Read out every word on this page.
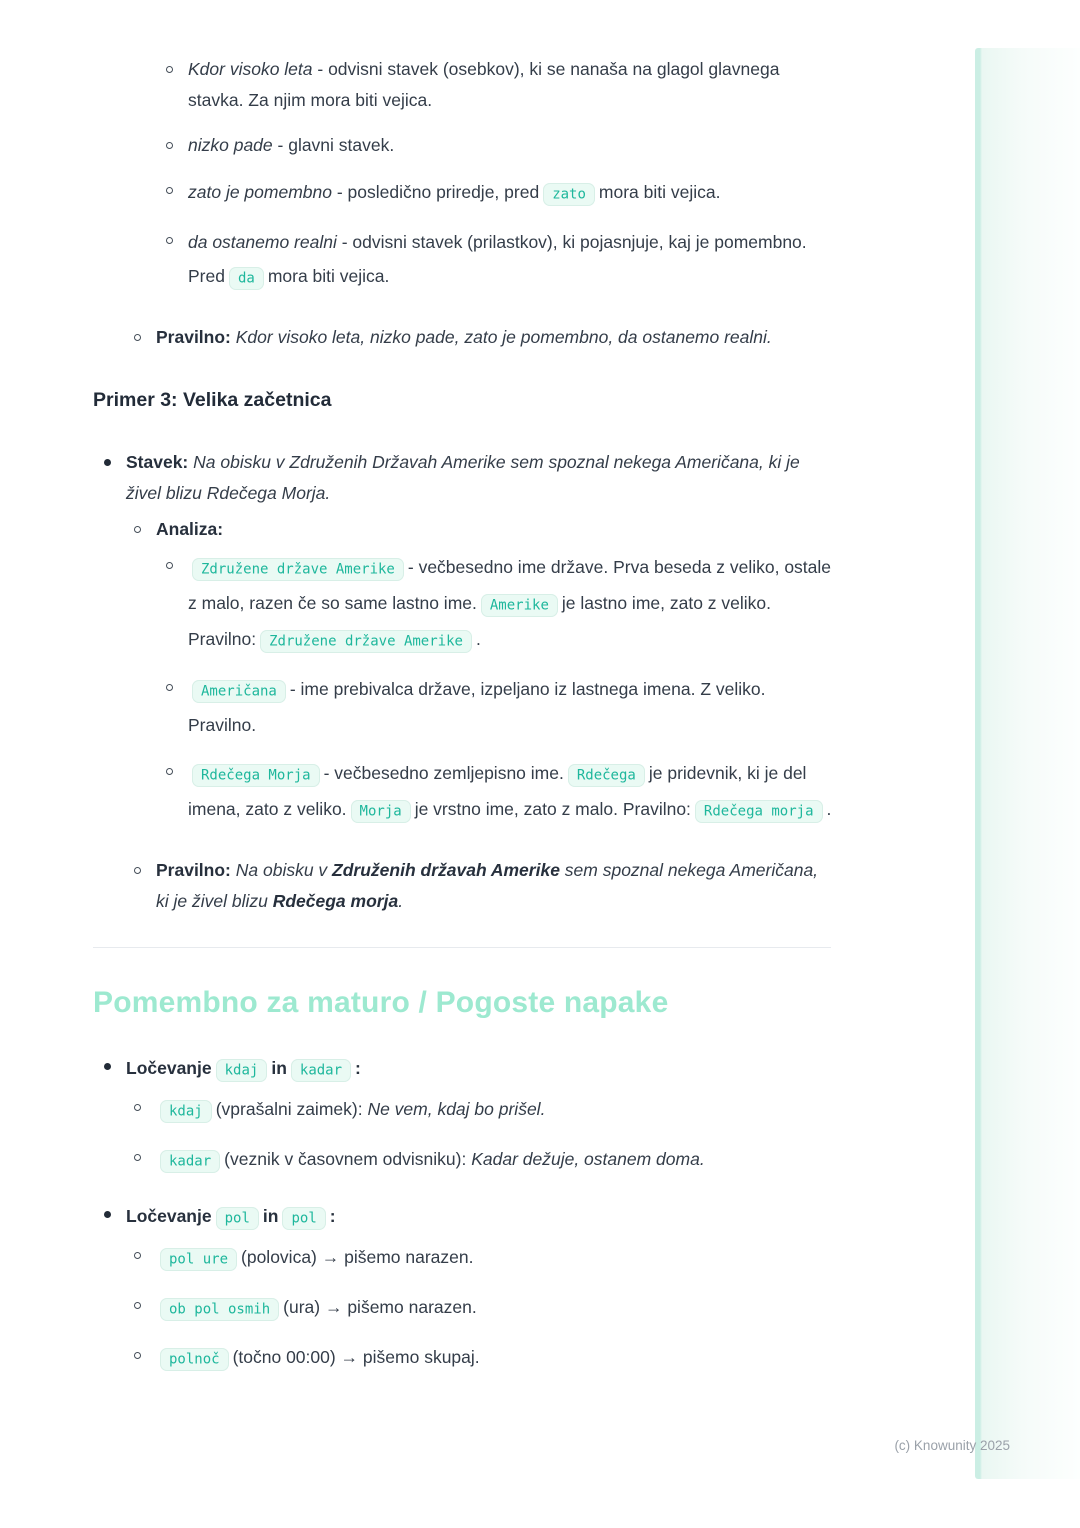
Kdor visoko leta - odvisni stavek (osebkov), ki se nanaša na glagol glavnega stavka. Za njim mora biti vejica.
nizko pade - glavni stavek.
zato je pomembno - posledično priredje, pred zato mora biti vejica.
da ostanemo realni - odvisni stavek (prilastkov), ki pojasnjuje, kaj je pomembno. Pred da mora biti vejica.
Pravilno: Kdor visoko leta, nizko pade, zato je pomembno, da ostanemo realni.
Primer 3: Velika začetnica
Stavek: Na obisku v Združenih Državah Amerike sem spoznal nekega Američana, ki je živel blizu Rdečega Morja.
Analiza:
Združene države Amerike - večbesedno ime države. Prva beseda z veliko, ostale z malo, razen če so same lastno ime. Amerike je lastno ime, zato z veliko. Pravilno: Združene države Amerike .
Američana - ime prebivalca države, izpeljano iz lastnega imena. Z veliko. Pravilno.
Rdečega Morja - večbesedno zemljepisno ime. Rdečega je pridevnik, ki je del imena, zato z veliko. Morja je vrstno ime, zato z malo. Pravilno: Rdečega morja .
Pravilno: Na obisku v Združenih državah Amerike sem spoznal nekega Američana, ki je živel blizu Rdečega morja.
Pomembno za maturo / Pogoste napake
Ločevanje kdaj in kadar :
kdaj (vprašalni zaimek): Ne vem, kdaj bo prišel.
kadar (veznik v časovnem odvisniku): Kadar dežuje, ostanem doma.
Ločevanje pol in pol :
pol ure (polovica) → pišemo narazen.
ob pol osmih (ura) → pišemo narazen.
polnoč (točno 00:00) → pišemo skupaj.
(c) Knowunity 2025
